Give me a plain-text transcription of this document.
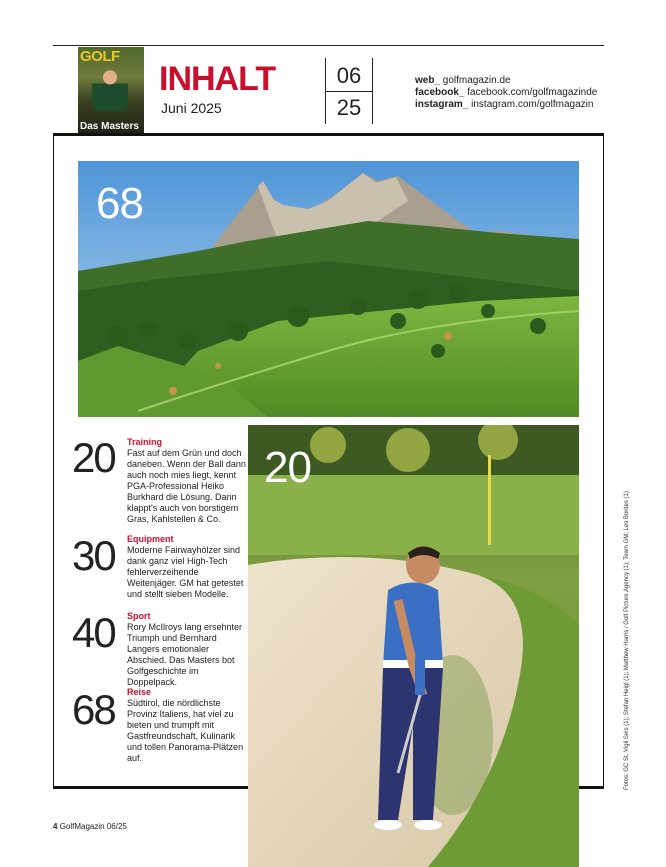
GOLF
Das Masters
INHALT
Juni 2025
06
25
web_ golfmagazin.de
facebook_ facebook.com/golfmagazinde
instagram_ instagram.com/golfmagazin
68
20 Training
Fast auf dem Grün und doch daneben. Wenn der Ball dann auch noch mies liegt, kennt PGA-Professional Heiko Burkhard die Lösung. Dann klappt's auch von borstigem Gras, Kahlstellen & Co.
30 Equipment
Moderne Fairwayhölzer sind dank ganz viel High-Tech fehlerverzeihende Weitenjäger. GM hat getestet und stellt sieben Modelle.
40 Sport
Rory McIlroys lang ersehnter Triumph und Bernhard Langers emotionaler Abschied. Das Masters bot Golfgeschichte im Doppelpack.
68 Reise
Südtirol, die nördlichste Provinz Italiens, hat viel zu bieten und trumpft mit Gastfreundschaft, Kulinarik und tollen Panorama-Plätzen auf.
20
Fotos: GC St. Vigil Seis (1); Stefan Heigl (1); Matthew Harris / Golf Picture Agency (1); Team GM; Les Bordes (1)
4 GolfMagazin 06/25
